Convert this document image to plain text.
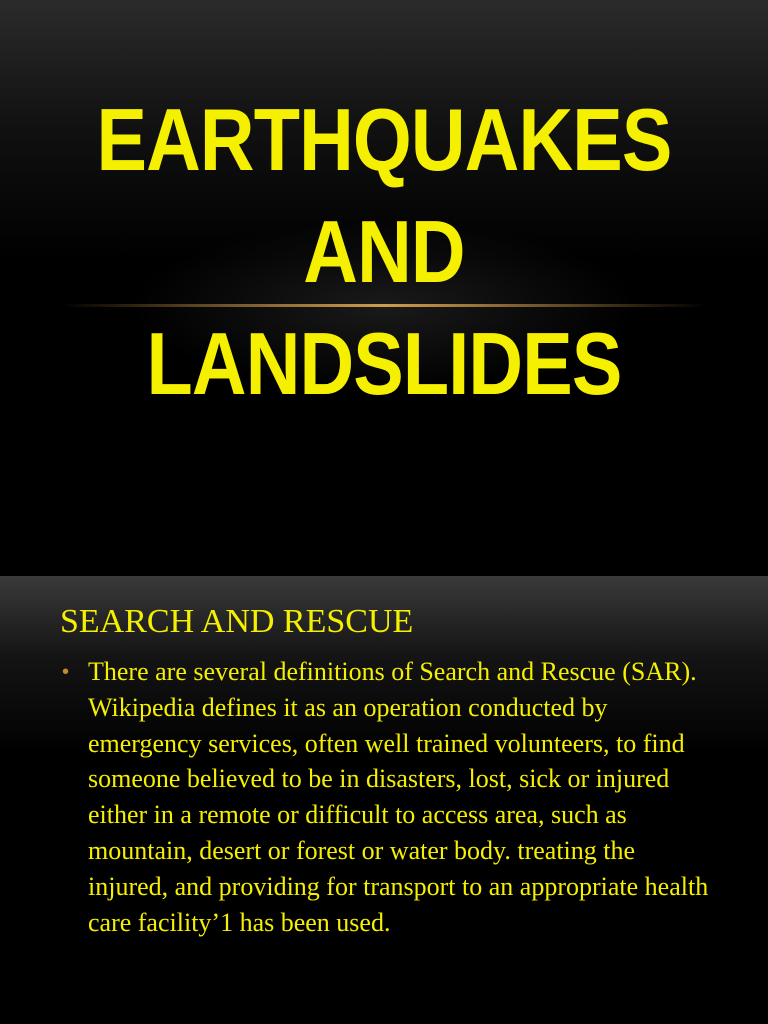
EARTHQUAKES
AND
LANDSLIDES
SEARCH AND RESCUE
• There are several definitions of Search and Rescue (SAR). Wikipedia defines it as an operation conducted by emergency services, often well trained volunteers, to find someone believed to be in disasters, lost, sick or injured either in a remote or difficult to access area, such as mountain, desert or forest or water body. treating the injured, and providing for transport to an appropriate health care facility’1 has been used.
